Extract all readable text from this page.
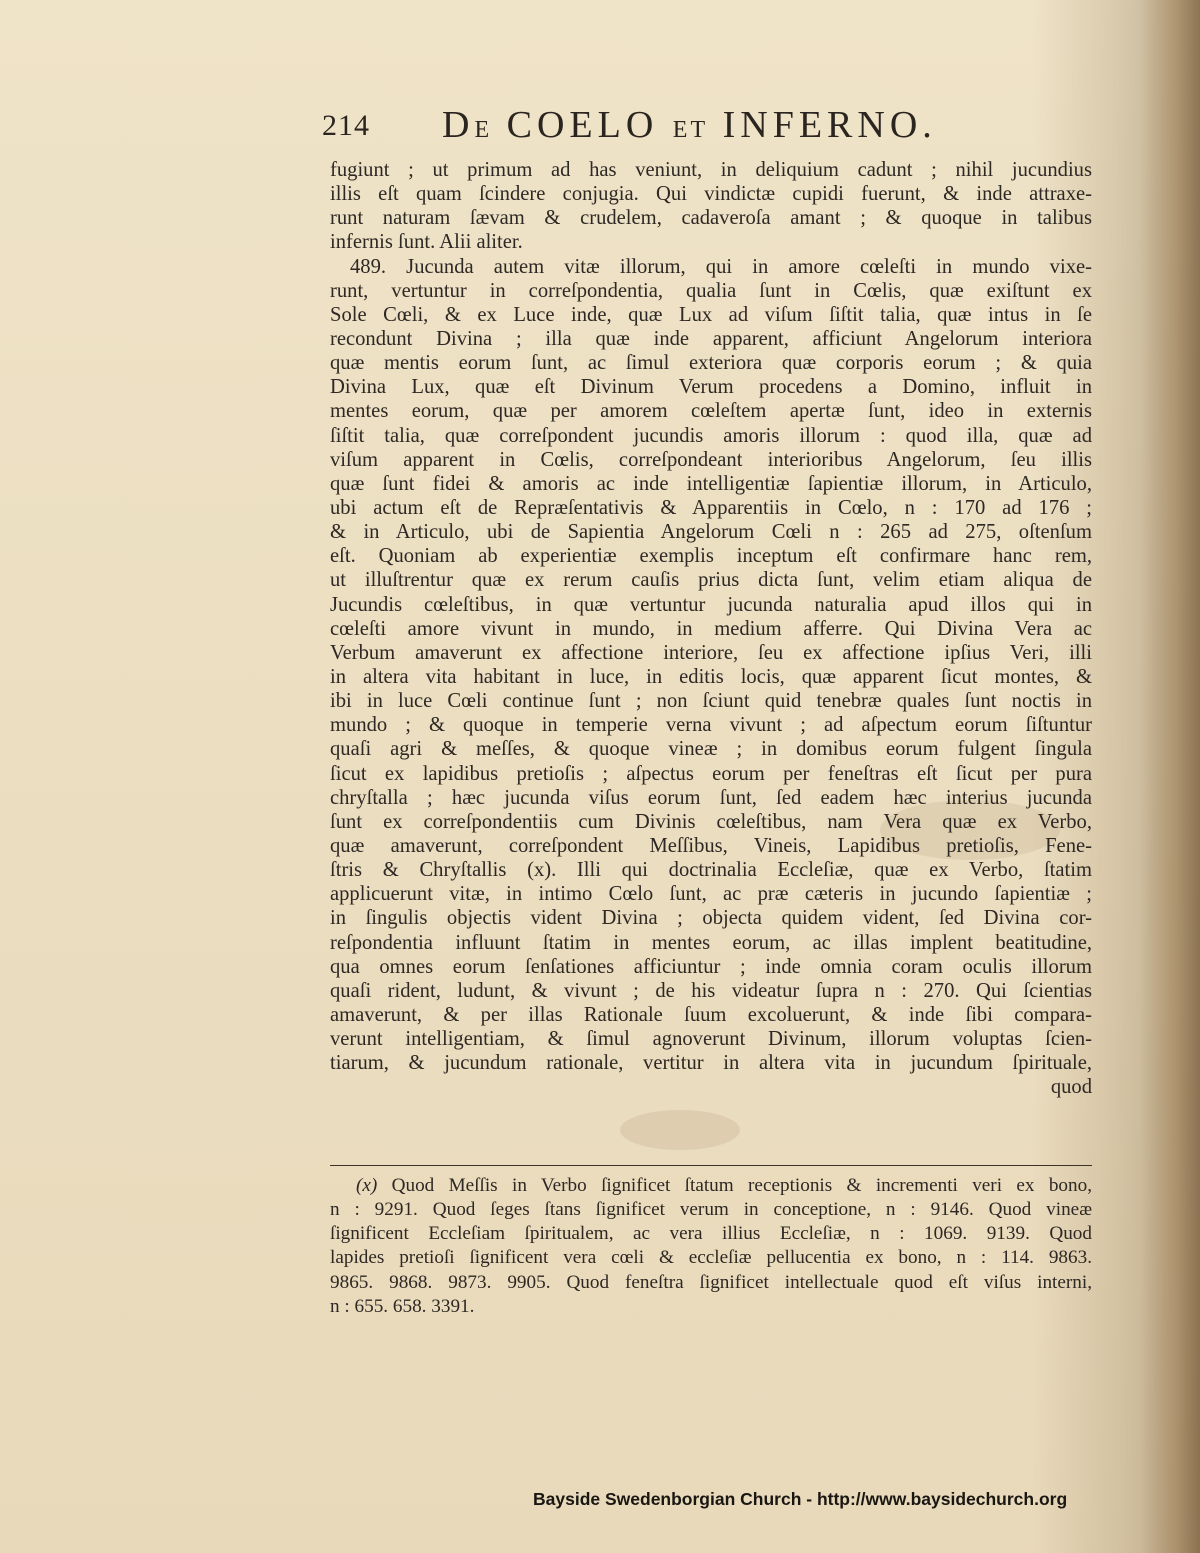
214 DE COELO ET INFERNO.
fugiunt ; ut primum ad has veniunt, in deliquium cadunt ; nihil jucundius
illis eſt quam ſcindere conjugia. Qui vindictæ cupidi fuerunt, & inde attraxe-
runt naturam ſævam & crudelem, cadaveroſa amant ; & quoque in talibus
infernis ſunt. Alii aliter.
489. Jucunda autem vitæ illorum, qui in amore cœleſti in mundo vixe-
runt, vertuntur in correſpondentia, qualia ſunt in Cœlis, quæ exiſtunt ex
Sole Cœli, & ex Luce inde, quæ Lux ad viſum ſiſtit talia, quæ intus in ſe
recondunt Divina ; illa quæ inde apparent, afficiunt Angelorum interiora
quæ mentis eorum ſunt, ac ſimul exteriora quæ corporis eorum ; & quia
Divina Lux, quæ eſt Divinum Verum procedens a Domino, influit in
mentes eorum, quæ per amorem cœleſtem apertæ ſunt, ideo in externis
ſiſtit talia, quæ correſpondent jucundis amoris illorum : quod illa, quæ ad
viſum apparent in Cœlis, correſpondeant interioribus Angelorum, ſeu illis
quæ ſunt fidei & amoris ac inde intelligentiæ ſapientiæ illorum, in Articulo,
ubi actum eſt de Repræſentativis & Apparentiis in Cœlo, n : 170 ad 176 ;
& in Articulo, ubi de Sapientia Angelorum Cœli n : 265 ad 275, oſtenſum
eſt. Quoniam ab experientiæ exemplis inceptum eſt confirmare hanc rem,
ut illuſtrentur quæ ex rerum cauſis prius dicta ſunt, velim etiam aliqua de
Jucundis cœleſtibus, in quæ vertuntur jucunda naturalia apud illos qui in
cœleſti amore vivunt in mundo, in medium afferre. Qui Divina Vera ac
Verbum amaverunt ex affectione interiore, ſeu ex affectione ipſius Veri, illi
in altera vita habitant in luce, in editis locis, quæ apparent ſicut montes, &
ibi in luce Cœli continue ſunt ; non ſciunt quid tenebræ quales ſunt noctis in
mundo ; & quoque in temperie verna vivunt ; ad aſpectum eorum ſiſtuntur
quaſi agri & meſſes, & quoque vineæ ; in domibus eorum fulgent ſingula
ſicut ex lapidibus pretioſis ; aſpectus eorum per feneſtras eſt ſicut per pura
chryſtalla ; hæc jucunda viſus eorum ſunt, ſed eadem hæc interius jucunda
ſunt ex correſpondentiis cum Divinis cœleſtibus, nam Vera quæ ex Verbo,
quæ amaverunt, correſpondent Meſſibus, Vineis, Lapidibus pretioſis, Fene-
ſtris & Chryſtallis (x). Illi qui doctrinalia Eccleſiæ, quæ ex Verbo, ſtatim
applicuerunt vitæ, in intimo Cœlo ſunt, ac præ cæteris in jucundo ſapientiæ ;
in ſingulis objectis vident Divina ; objecta quidem vident, ſed Divina cor-
reſpondentia influunt ſtatim in mentes eorum, ac illas implent beatitudine,
qua omnes eorum ſenſationes afficiuntur ; inde omnia coram oculis illorum
quaſi rident, ludunt, & vivunt ; de his videatur ſupra n : 270. Qui ſcientias
amaverunt, & per illas Rationale ſuum excoluerunt, & inde ſibi compara-
verunt intelligentiam, & ſimul agnoverunt Divinum, illorum voluptas ſcien-
tiarum, & jucundum rationale, vertitur in altera vita in jucundum ſpirituale,
quod
(x) Quod Meſſis in Verbo ſignificet ſtatum receptionis & incrementi veri ex bono,
n : 9291. Quod ſeges ſtans ſignificet verum in conceptione, n : 9146. Quod vineæ
ſignificent Eccleſiam ſpiritualem, ac vera illius Eccleſiæ, n : 1069. 9139. Quod
lapides pretioſi ſignificent vera cœli & eccleſiæ pellucentia ex bono, n : 114. 9863.
9865. 9868. 9873. 9905. Quod feneſtra ſignificet intellectuale quod eſt viſus interni,
n : 655. 658. 3391.
Bayside Swedenborgian Church - http://www.baysidechurch.org
